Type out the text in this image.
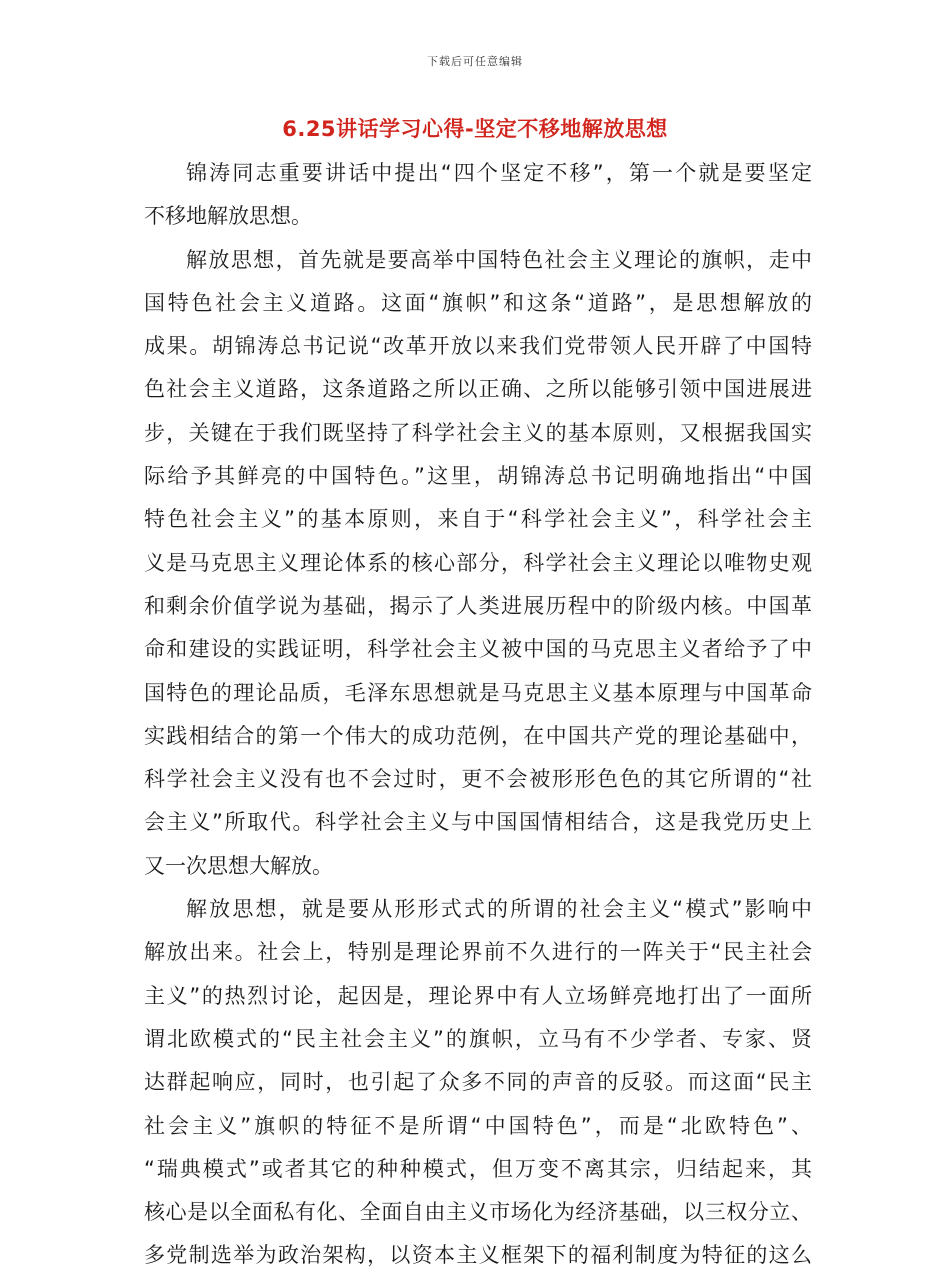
下载后可任意编辑
6.25讲话学习心得-坚定不移地解放思想
锦涛同志重要讲话中提出“四个坚定不移”，第一个就是要坚定
不移地解放思想。
解放思想，首先就是要高举中国特色社会主义理论的旗帜，走中
国特色社会主义道路。这面“旗帜”和这条“道路”，是思想解放的
成果。胡锦涛总书记说“改革开放以来我们党带领人民开辟了中国特
色社会主义道路，这条道路之所以正确、之所以能够引领中国进展进
步，关键在于我们既坚持了科学社会主义的基本原则，又根据我国实
际给予其鲜亮的中国特色。”这里，胡锦涛总书记明确地指出“中国
特色社会主义”的基本原则，来自于“科学社会主义”，科学社会主
义是马克思主义理论体系的核心部分，科学社会主义理论以唯物史观
和剩余价值学说为基础，揭示了人类进展历程中的阶级内核。中国革
命和建设的实践证明，科学社会主义被中国的马克思主义者给予了中
国特色的理论品质，毛泽东思想就是马克思主义基本原理与中国革命
实践相结合的第一个伟大的成功范例，在中国共产党的理论基础中，
科学社会主义没有也不会过时，更不会被形形色色的其它所谓的“社
会主义”所取代。科学社会主义与中国国情相结合，这是我党历史上
又一次思想大解放。
解放思想，就是要从形形式式的所谓的社会主义“模式”影响中
解放出来。社会上，特别是理论界前不久进行的一阵关于“民主社会
主义”的热烈讨论，起因是，理论界中有人立场鲜亮地打出了一面所
谓北欧模式的“民主社会主义”的旗帜，立马有不少学者、专家、贤
达群起响应，同时，也引起了众多不同的声音的反驳。而这面“民主
社会主义”旗帜的特征不是所谓“中国特色”，而是“北欧特色”、
“瑞典模式”或者其它的种种模式，但万变不离其宗，归结起来，其
核心是以全面私有化、全面自由主义市场化为经济基础，以三权分立、
多党制选举为政治架构，以资本主义框架下的福利制度为特征的这么
